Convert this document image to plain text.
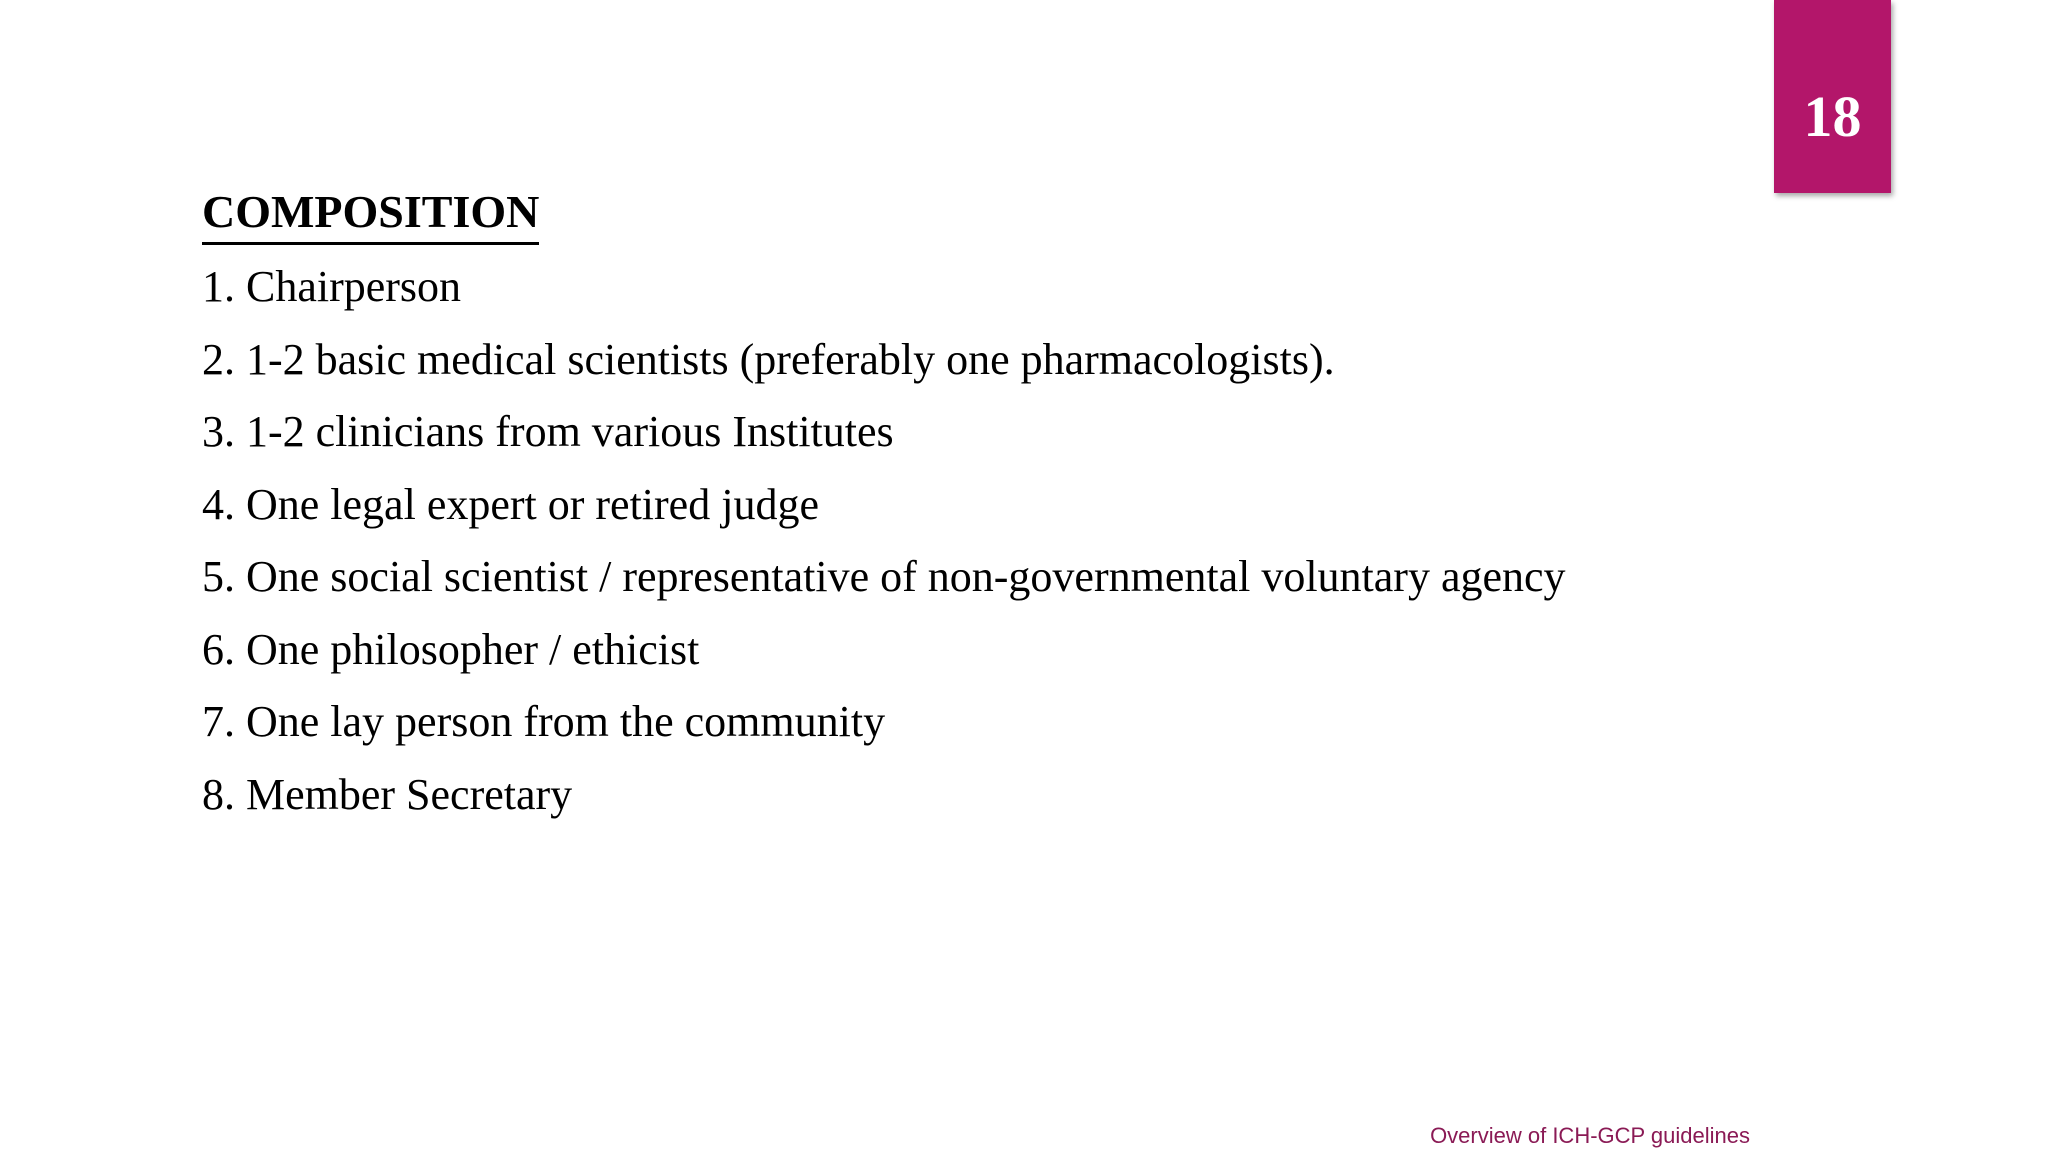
18
COMPOSITION
1. Chairperson
2. 1-2 basic medical scientists (preferably one pharmacologists).
3. 1-2 clinicians from various Institutes
4. One legal expert or retired judge
5. One social scientist / representative of non-governmental voluntary agency
6. One philosopher / ethicist
7. One lay person from the community
8. Member Secretary
Overview of ICH-GCP guidelines
